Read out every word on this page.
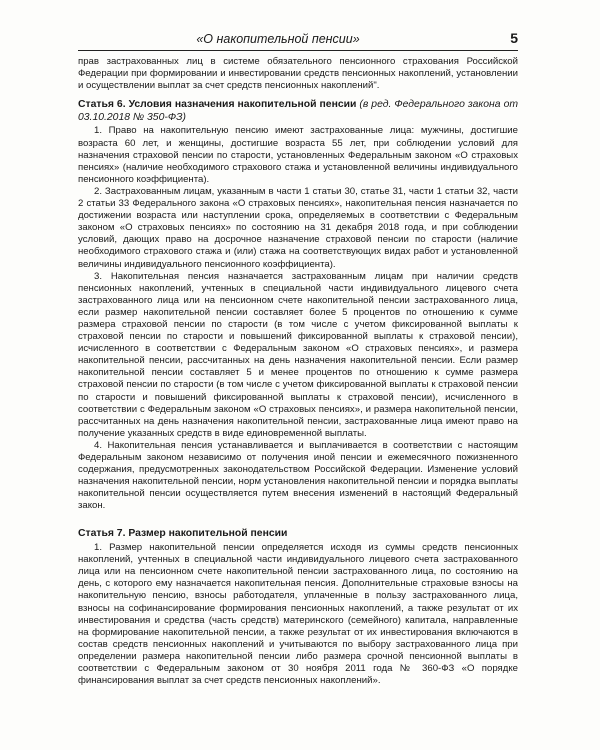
«О накопительной пенсии»	5

прав застрахованных лиц в системе обязательного пенсионного страхования Российской Федерации при формировании и инвестировании средств пенсионных накоплений, установлении и осуществлении выплат за счет средств пенсионных накоплений".

Статья 6. Условия назначения накопительной пенсии (в ред. Федерального закона от 03.10.2018 № 350-ФЗ)

1. Право на накопительную пенсию имеют застрахованные лица: мужчины, достигшие возраста 60 лет, и женщины, достигшие возраста 55 лет, при соблюдении условий для назначения страховой пенсии по старости, установленных Федеральным законом «О страховых пенсиях» (наличие необходимого страхового стажа и установленной величины индивидуального пенсионного коэффициента).

2. Застрахованным лицам, указанным в части 1 статьи 30, статье 31, части 1 статьи 32, части 2 статьи 33 Федерального закона «О страховых пенсиях», накопительная пенсия назначается по достижении возраста или наступлении срока, определяемых в соответствии с Федеральным законом «О страховых пенсиях» по состоянию на 31 декабря 2018 года, и при соблюдении условий, дающих право на досрочное назначение страховой пенсии по старости (наличие необходимого страхового стажа и (или) стажа на соответствующих видах работ и установленной величины индивидуального пенсионного коэффициента).

3. Накопительная пенсия назначается застрахованным лицам при наличии средств пенсионных накоплений, учтенных в специальной части индивидуального лицевого счета застрахованного лица или на пенсионном счете накопительной пенсии застрахованного лица, если размер накопительной пенсии составляет более 5 процентов по отношению к сумме размера страховой пенсии по старости (в том числе с учетом фиксированной выплаты к страховой пенсии по старости и повышений фиксированной выплаты к страховой пенсии), исчисленного в соответствии с Федеральным законом «О страховых пенсиях», и размера накопительной пенсии, рассчитанных на день назначения накопительной пенсии. Если размер накопительной пенсии составляет 5 и менее процентов по отношению к сумме размера страховой пенсии по старости (в том числе с учетом фиксированной выплаты к страховой пенсии по старости и повышений фиксированной выплаты к страховой пенсии), исчисленного в соответствии с Федеральным законом «О страховых пенсиях», и размера накопительной пенсии, рассчитанных на день назначения накопительной пенсии, застрахованные лица имеют право на получение указанных средств в виде единовременной выплаты.

4. Накопительная пенсия устанавливается и выплачивается в соответствии с настоящим Федеральным законом независимо от получения иной пенсии и ежемесячного пожизненного содержания, предусмотренных законодательством Российской Федерации. Изменение условий назначения накопительной пенсии, норм установления накопительной пенсии и порядка выплаты накопительной пенсии осуществляется путем внесения изменений в настоящий Федеральный закон.

Статья 7. Размер накопительной пенсии

1. Размер накопительной пенсии определяется исходя из суммы средств пенсионных накоплений, учтенных в специальной части индивидуального лицевого счета застрахованного лица или на пенсионном счете накопительной пенсии застрахованного лица, по состоянию на день, с которого ему назначается накопительная пенсия. Дополнительные страховые взносы на накопительную пенсию, взносы работодателя, уплаченные в пользу застрахованного лица, взносы на софинансирование формирования пенсионных накоплений, а также результат от их инвестирования и средства (часть средств) материнского (семейного) капитала, направленные на формирование накопительной пенсии, а также результат от их инвестирования включаются в состав средств пенсионных накоплений и учитываются по выбору застрахованного лица при определении размера накопительной пенсии либо размера срочной пенсионной выплаты в соответствии с Федеральным законом от 30 ноября 2011 года № 360-ФЗ «О порядке финансирования выплат за счет средств пенсионных накоплений».
